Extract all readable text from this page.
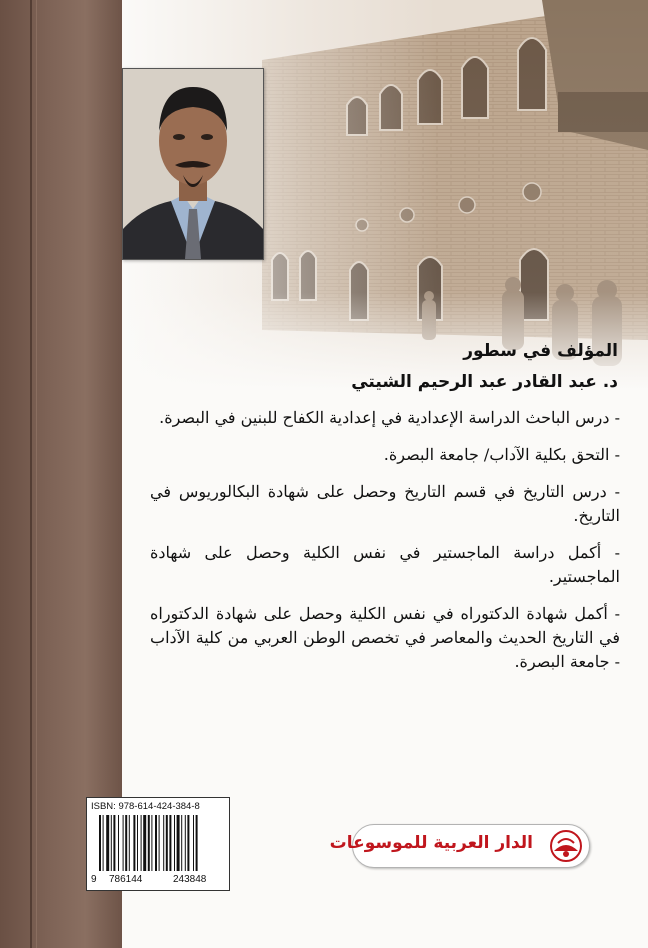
المؤلف في سطور
د. عبد القادر عبد الرحيم الشيتي
- درس الباحث الدراسة الإعدادية في إعدادية الكفاح للبنين في البصرة.
- التحق بكلية الآداب/ جامعة البصرة.
- درس التاريخ في قسم التاريخ وحصل على شهادة البكالوريوس في التاريخ.
- أكمل دراسة الماجستير في نفس الكلية وحصل على شهادة الماجستير.
- أكمل شهادة الدكتوراه في نفس الكلية وحصل على شهادة الدكتوراه في التاريخ الحديث والمعاصر في تخصص الوطن العربي من كلية الآداب - جامعة البصرة.
ISBN: 978-614-424-384-8
9 786144	243848
الدار العربية للموسوعات
